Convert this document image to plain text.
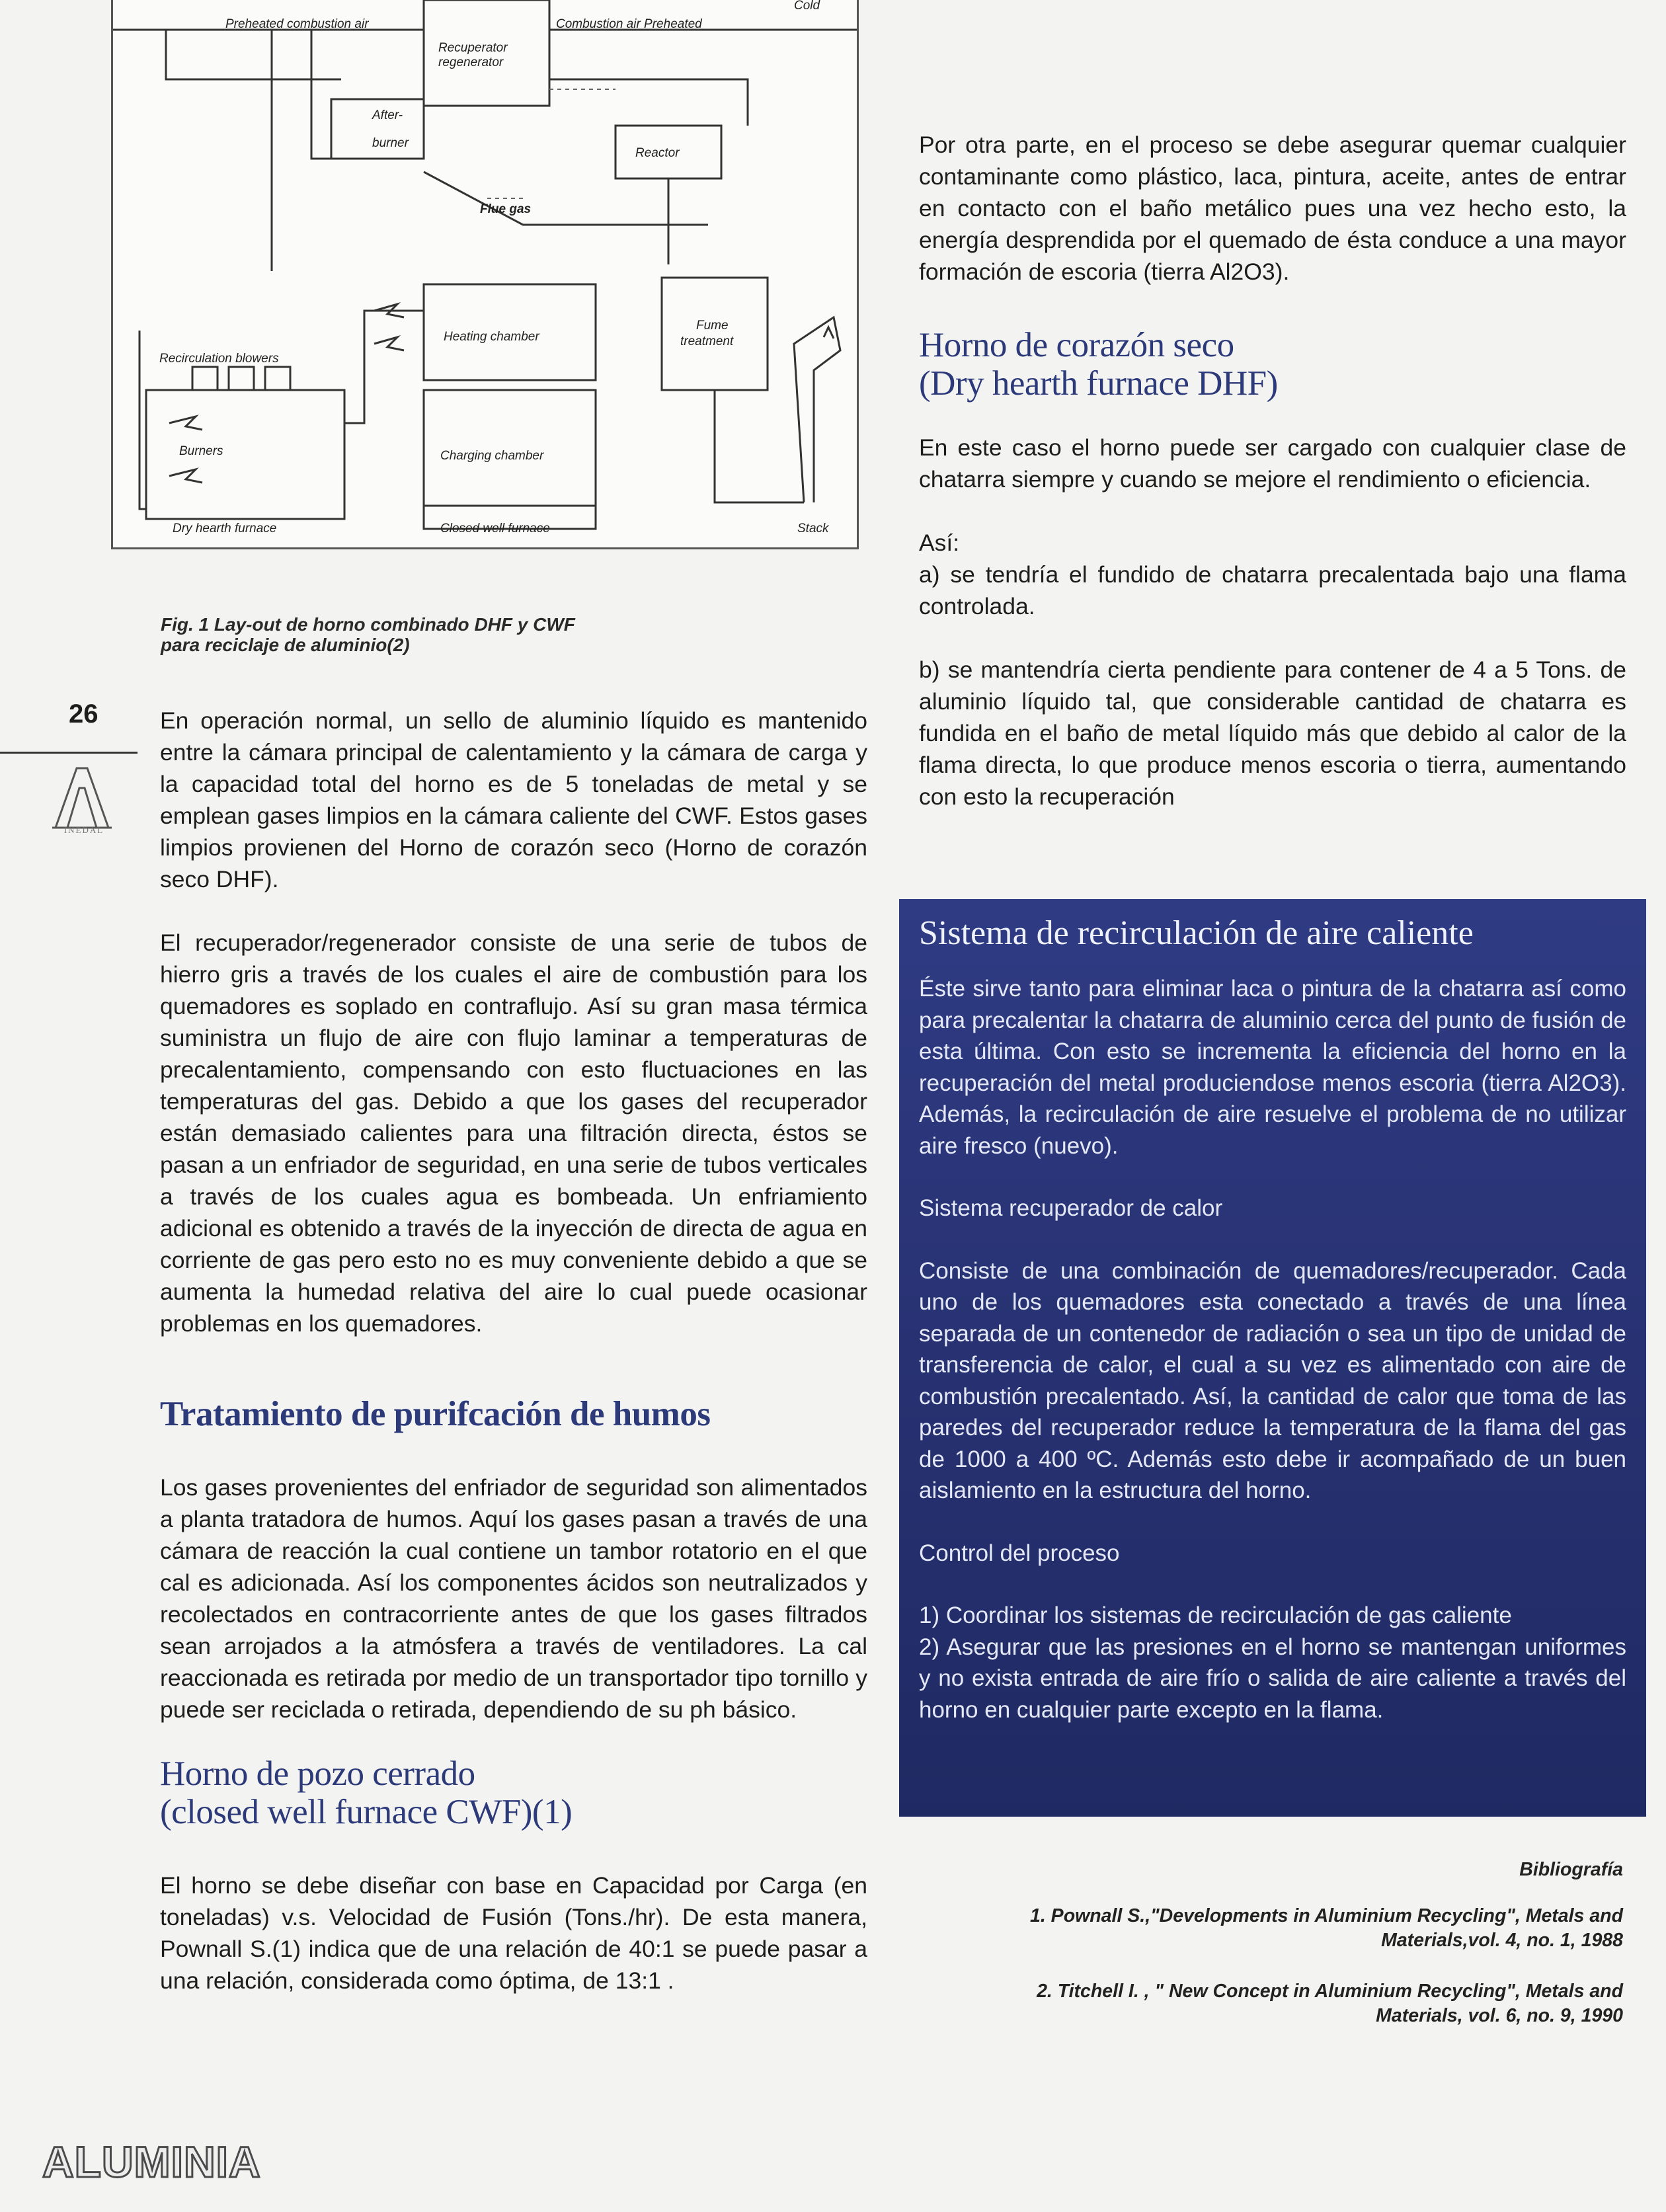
Cold
Preheated combustion air	Combustion air Preheated
Recuperator
regenerator
After-
burner
Reactor
Flue gas
Heating chamber
Fume
treatment
Recirculation blowers
Burners	Charging chamber
Dry hearth furnace	Closed well furnace	Stack
Fig. 1 Lay-out de horno combinado DHF y CWF
para reciclaje de aluminio(2)
26
INEDAL

En operación normal, un sello de aluminio líquido es mantenido entre la cámara principal de calentamiento y la cámara de carga y la capacidad total del horno es de 5 toneladas de metal y se emplean gases limpios en la cámara caliente del CWF. Estos gases limpios provienen del Horno de corazón seco (Horno de corazón seco DHF).

El recuperador/regenerador consiste de una serie de tubos de hierro gris a través de los cuales el aire de combustión para los quemadores es soplado en contraflujo. Así su gran masa térmica suministra un flujo de aire con flujo laminar a temperaturas de precalentamiento, compensando con esto fluctuaciones en las temperaturas del gas. Debido a que los gases del recuperador están demasiado calientes para una filtración directa, éstos se pasan a un enfriador de seguridad, en una serie de tubos verticales a través de los cuales agua es bombeada. Un enfriamiento adicional es obtenido a través de la inyección de directa de agua en corriente de gas pero esto no es muy conveniente debido a que se aumenta la humedad relativa del aire lo cual puede ocasionar problemas en los quemadores.

Tratamiento de purifcación de humos

Los gases provenientes del enfriador de seguridad son alimentados a planta tratadora de humos. Aquí los gases pasan a través de una cámara de reacción la cual contiene un tambor rotatorio en el que cal es adicionada. Así los componentes ácidos son neutralizados y recolectados en contracorriente antes de que los gases filtrados sean arrojados a la atmósfera a través de ventiladores. La cal reaccionada es retirada por medio de un transportador tipo tornillo y puede ser reciclada o retirada, dependiendo de su ph básico.

Horno de pozo cerrado
(closed well furnace CWF)(1)

El horno se debe diseñar con base en Capacidad por Carga (en toneladas) v.s. Velocidad de Fusión (Tons./hr). De esta manera, Pownall S.(1) indica que de una relación de 40:1 se puede pasar a una relación, considerada como óptima, de 13:1 .

Por otra parte, en el proceso se debe asegurar quemar cualquier contaminante como plástico, laca, pintura, aceite, antes de entrar en contacto con el baño metálico pues una vez hecho esto, la energía desprendida por el quemado de ésta conduce a una mayor formación de escoria (tierra Al2O3).

Horno de corazón seco
(Dry hearth furnace DHF)

En este caso el horno puede ser cargado con cualquier clase de chatarra siempre y cuando se mejore el rendimiento o eficiencia.

Así:

a) se tendría el fundido de chatarra precalentada bajo una flama controlada.

b) se mantendría cierta pendiente para contener de 4 a 5 Tons. de aluminio líquido tal, que considerable cantidad de chatarra es fundida en el baño de metal líquido más que debido al calor de la flama directa, lo que produce menos escoria o tierra, aumentando con esto la recuperación

Sistema de recirculación de aire caliente

Éste sirve tanto para eliminar laca o pintura de la chatarra así como para precalentar la chatarra de aluminio cerca del punto de fusión de esta última. Con esto se incrementa la eficiencia del horno en la recuperación del metal produciendose menos escoria (tierra Al2O3). Además, la recirculación de aire resuelve el problema de no utilizar aire fresco (nuevo).

Sistema recuperador de calor

Consiste de una combinación de quemadores/recuperador. Cada uno de los quemadores esta conectado a través de una línea separada de un contenedor de radiación o sea un tipo de unidad de transferencia de calor, el cual a su vez es alimentado con aire de combustión precalentado. Así, la cantidad de calor que toma de las paredes del recuperador reduce la temperatura de la flama del gas de 1000 a 400 ºC. Además esto debe ir acompañado de un buen aislamiento en la estructura del horno.

Control del proceso

1) Coordinar los sistemas de recirculación de gas caliente

2) Asegurar que las presiones en el horno se mantengan uniformes y no exista entrada de aire frío o salida de aire caliente a través del horno en cualquier parte excepto en la flama.

Bibliografía
1. Pownall S.,"Developments in Aluminium Recycling", Metals and
Materials,vol. 4, no. 1, 1988
2. Titchell I. , " New Concept in Aluminium Recycling", Metals and
Materials, vol. 6, no. 9, 1990
ALUMINIA
